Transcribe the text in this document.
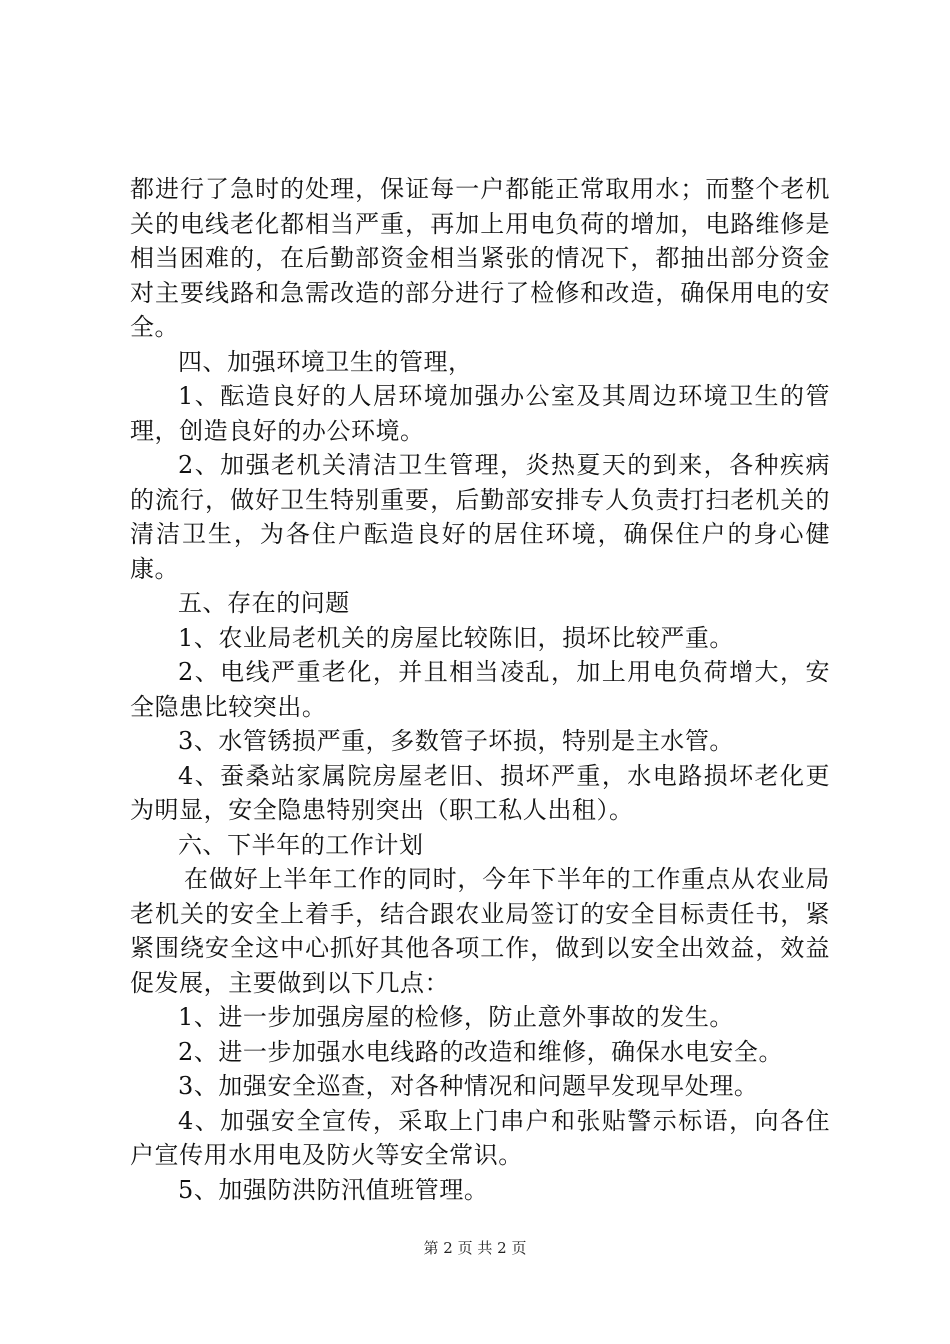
都进行了急时的处理，保证每一户都能正常取用水；而整个老机关的电线老化都相当严重，再加上用电负荷的增加，电路维修是相当困难的，在后勤部资金相当紧张的情况下，都抽出部分资金对主要线路和急需改造的部分进行了检修和改造，确保用电的安全。

四、加强环境卫生的管理，

1、酝造良好的人居环境加强办公室及其周边环境卫生的管理，创造良好的办公环境。

2、加强老机关清洁卫生管理，炎热夏天的到来，各种疾病的流行，做好卫生特别重要，后勤部安排专人负责打扫老机关的清洁卫生，为各住户酝造良好的居住环境，确保住户的身心健康。

五、存在的问题

1、农业局老机关的房屋比较陈旧，损坏比较严重。

2、电线严重老化，并且相当凌乱，加上用电负荷增大，安全隐患比较突出。

3、水管锈损严重，多数管子坏损，特别是主水管。

4、蚕桑站家属院房屋老旧、损坏严重，水电路损坏老化更为明显，安全隐患特别突出（职工私人出租）。

六、下半年的工作计划

在做好上半年工作的同时，今年下半年的工作重点从农业局老机关的安全上着手，结合跟农业局签订的安全目标责任书，紧紧围绕安全这中心抓好其他各项工作，做到以安全出效益，效益促发展，主要做到以下几点：

1、进一步加强房屋的检修，防止意外事故的发生。

2、进一步加强水电线路的改造和维修，确保水电安全。

3、加强安全巡查，对各种情况和问题早发现早处理。

4、加强安全宣传，采取上门串户和张贴警示标语，向各住户宣传用水用电及防火等安全常识。

5、加强防洪防汛值班管理。

第 2 页 共 2 页
